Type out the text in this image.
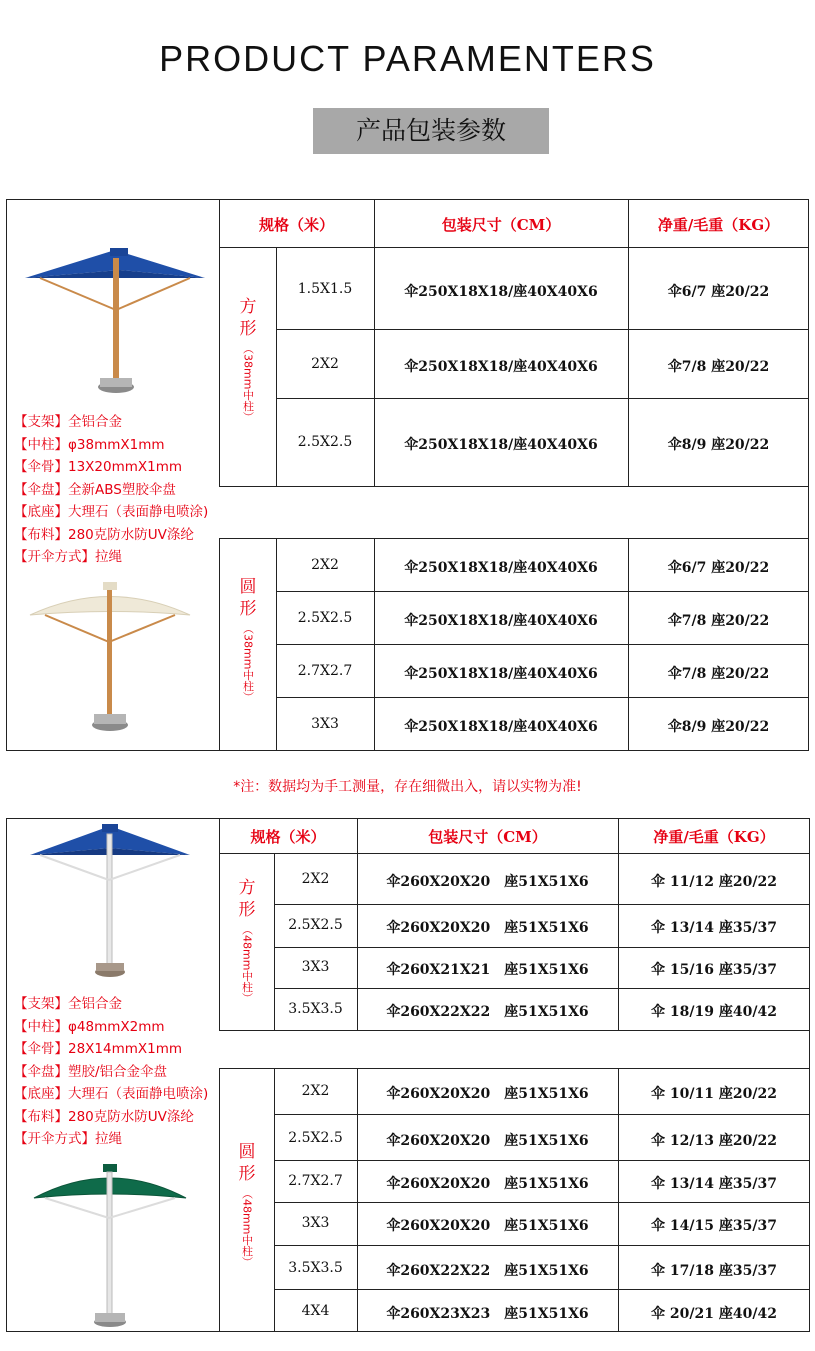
PRODUCT PARAMENTERS
产品包装参数
规格（米）	包装尺寸（CM）	净重/毛重（KG）
方
形
（38mm中柱）
圆
形
（38mm中柱）
1.5X1.5	伞250X18X18/座40X40X6	伞6/7 座20/22
2X2	伞250X18X18/座40X40X6	伞7/8 座20/22
2.5X2.5	伞250X18X18/座40X40X6	伞8/9 座20/22
2X2	伞250X18X18/座40X40X6	伞6/7 座20/22
2.5X2.5	伞250X18X18/座40X40X6	伞7/8 座20/22
2.7X2.7	伞250X18X18/座40X40X6	伞7/8 座20/22
3X3	伞250X18X18/座40X40X6	伞8/9 座20/22
【支架】全铝合金
【中柱】φ38mmX1mm
【伞骨】13X20mmX1mm
【伞盘】全新ABS塑胶伞盘
【底座】大理石（表面静电喷涂)
【布料】280克防水防UV涤纶
【开伞方式】拉绳
*注：数据均为手工测量，存在细微出入，请以实物为准!
规格（米）	包装尺寸（CM）	净重/毛重（KG）
方
形
（48mm中柱）
圆
形
（48mm中柱）
2X2	伞260X20X20　座51X51X6	伞 11/12 座20/22
2.5X2.5	伞260X20X20　座51X51X6	伞 13/14 座35/37
3X3	伞260X21X21　座51X51X6	伞 15/16 座35/37
3.5X3.5	伞260X22X22　座51X51X6	伞 18/19 座40/42
2X2	伞260X20X20　座51X51X6	伞 10/11 座20/22
2.5X2.5	伞260X20X20　座51X51X6	伞 12/13 座20/22
2.7X2.7	伞260X20X20　座51X51X6	伞 13/14 座35/37
3X3	伞260X20X20　座51X51X6	伞 14/15 座35/37
3.5X3.5	伞260X22X22　座51X51X6	伞 17/18 座35/37
4X4	伞260X23X23　座51X51X6	伞 20/21 座40/42
【支架】全铝合金
【中柱】φ48mmX2mm
【伞骨】28X14mmX1mm
【伞盘】塑胶/铝合金伞盘
【底座】大理石（表面静电喷涂)
【布料】280克防水防UV涤纶
【开伞方式】拉绳
